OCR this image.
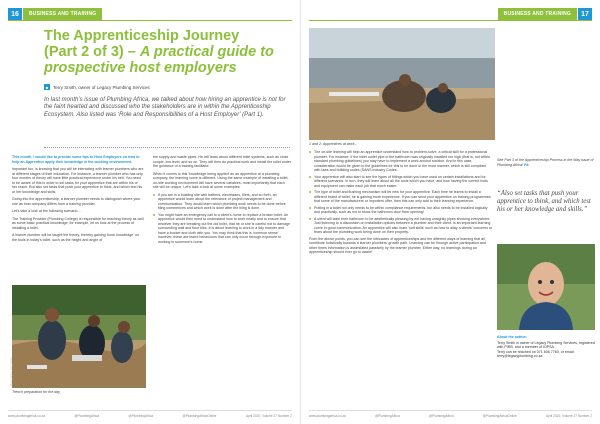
16	BUSINESS AND TRAINING
The Apprenticeship Journey
(Part 2 of 3) – A practical guide to
prospective host employers
■	Terry Smith, owner of Legacy Plumbing Services
In last month’s issue of Plumbing Africa, we talked about how hiring an apprentice is not for the faint hearted and discussed who the stakeholders are in within the Apprenticeship Ecosystem. Also listed was ‘Role and Responsibilities of a Host Employer’ (Part 1).

This month, I would like to provide some tips to Host Employers on how to help an Apprentice apply their knowledge in the working environment.

Important too, is knowing that you will be interacting with learner plumbers who are at different stages of their education. For instance, a learner plumber who has only four months of theory will have little practical experience under his belt. You need to be aware of this in order to set tasks for your apprentice that are within his or her reach. But also set tasks that push your apprentice to think, and which test his or her knowledge and skills.

Going into the apprenticeship, a learner plumber needs to distinguish where your role as host company differs from a training provider.

Let's take a look at the following scenario....

The Training Provider (Plumbing College) is responsible for teaching theory as well as some basic practical knowledge; for example, let us look at the process of installing a toilet.

A learner plumber will be taught the theory, thereby gaining 'book knowledge' on the tools in today's toilet, such as the height and angle of

the supply and waste pipes. He will learn about different toilet systems, such as close couple, low level, and so on. They will then do practical work and install the toilet under the guidance of a training facilitator.

When it comes to this 'knowledge being applied' as an apprentice at a plumbing company, the learning curve is different. Using the same example of installing a toilet, on-site working environment will have several variables, most importantly that each site will be unique. Let's take a look at some examples:

If you are in a building site with bathers, electricians, tilers, and so forth, an apprentice would learn about the relevance of project management and communication. They would learn which plumbing work needs to be done before tiling commences and which work is done after the tiling is done.
You might have an emergency call to a client's home to replace a broken toilet. An apprentice would then need to understand how to work neatly and to ensure that whoever they are breaking out the old toilet, that he or she is careful not to damage surrounding wall and floor tiles. It is about learning to work in a tidy manner and have a bucket and cloth with you. You may think that this is 'common sense' however, these are learnt behaviours that can only occur through exposure to working in someone's home.
Photographer Terry Smith
Trench preparation for the day
www.plumbingafrica.co.za	@PlumbingAfrica	@PlumbingAfrica	@PlumbingAfricaOnline	April 2020, Volume 27 Number 2
BUSINESS AND TRAINING	17
1 and 2: Apprentices at work...
The on-site learning will help an apprentice understand how to problem-solve, a critical skill for a professional plumber. For instance, if the toilet outlet pipe in the bathroom was originally installed too high (that is, not within standard plumbing guidelines) you may have to implement a work-around solution. And in this case, consideration would be given to the guidelines for this to be done in the most manner, which is still compliant with laws and building codes (SANS industry Codes.
Your apprentice will also start to see the types of fittings which you have used on certain installations and for different scenarios. In turn, they will learn about all the tools which you have, and how having the correct tools and equipment can make each job that much easier.
The type of toilet and flushing mechanism will be new for your apprentice. Each time he learns to install a different brand of toilet, he is gaining more experience. If you can send your apprentice on training programmes that some of the manufacturers or importers offer, then this can only add to their learning experience.
Putting in a toilet not only needs to be within compliance requirements, but also needs to be installed logically and practically, such as not to block the bathroom door from opening!
A client will want their bathroom to be aesthetically pleasing by not having unsightly pipes showing everywhere. Just listening to a discussion on installation options between a plumber and their client, is an important learning curve in good communication. An apprentice will also learn 'soft skills' such as how to allay a clients' concerns or fears about the plumbing work being done on their property.

From the above points, you can see the intricacies of apprenticeships and the different ways of learning that all contribute holistically towards a learner plumbers' growth path. Learning can be through active participation and other times information is assimilated passively by the learner plumber. Either way, no learnings during an apprenticeship should ever go to waste!

See Part 3 of the Apprenticeship Process in the May issue of Plumbing Africa! PA
“Also set tasks that push your apprentice to think, and which test his or her knowledge and skills.”
About the author:
Terry Smith is owner of Legacy Plumbing Services, registered with PIRB, and a member of IOPSA.
Terry can be reached on 071 606 7760, or email: terry@legacyplumbing.co.za
www.plumbingafrica.co.za	@PlumbingAfrica	@PlumbingAfrica	@PlumbingAfricaOnline	April 2020, Volume 27 Number 2
